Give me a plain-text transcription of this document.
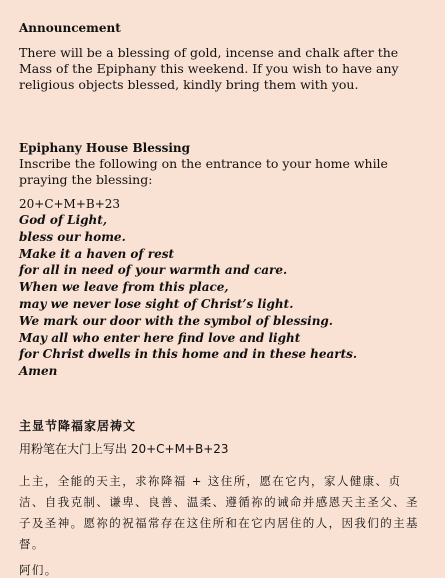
Announcement

There will be a blessing of gold, incense and chalk after the Mass of the Epiphany this weekend. If you wish to have any religious objects blessed, kindly bring them with you.

Epiphany House Blessing

Inscribe the following on the entrance to your home while praying the blessing:

20+C+M+B+23
God of Light,
bless our home.
Make it a haven of rest
for all in need of your warmth and care.
When we leave from this place,
may we never lose sight of Christ’s light.
We mark our door with the symbol of blessing.
May all who enter here find love and light
for Christ dwells in this home and in these hearts.
Amen
主显节降福家居祷文
用粉笔在大门上写出 20+C+M+B+23

上主，全能的天主，求祢降福 + 这住所，愿在它内，家人健康、贞洁、自我克制、谦卑、良善、温柔、遵循祢的诫命并感恩天主圣父、圣子及圣神。愿祢的祝福常存在这住所和在它内居住的人，因我们的主基督。

阿们。
